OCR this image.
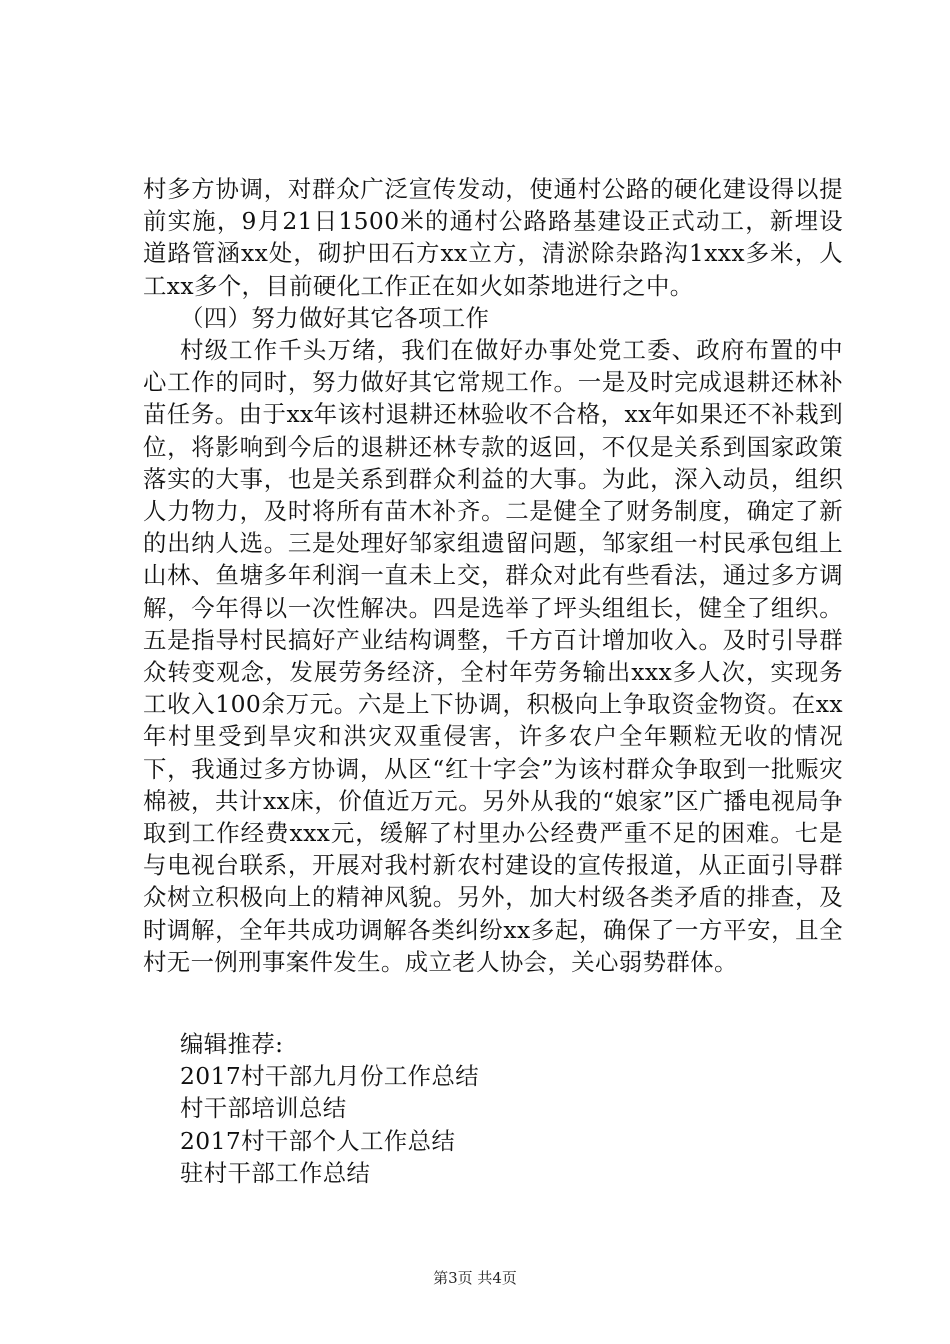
村多方协调，对群众广泛宣传发动，使通村公路的硬化建设得以提前实施，9月21日1500米的通村公路路基建设正式动工，新埋设道路管涵xx处，砌护田石方xx立方，清淤除杂路沟1xxx多米，人工xx多个，目前硬化工作正在如火如荼地进行之中。

（四）努力做好其它各项工作

村级工作千头万绪，我们在做好办事处党工委、政府布置的中心工作的同时，努力做好其它常规工作。一是及时完成退耕还林补苗任务。由于xx年该村退耕还林验收不合格，xx年如果还不补栽到位，将影响到今后的退耕还林专款的返回，不仅是关系到国家政策落实的大事，也是关系到群众利益的大事。为此，深入动员，组织人力物力，及时将所有苗木补齐。二是健全了财务制度，确定了新的出纳人选。三是处理好邹家组遗留问题，邹家组一村民承包组上山林、鱼塘多年利润一直未上交，群众对此有些看法，通过多方调解，今年得以一次性解决。四是选举了坪头组组长，健全了组织。五是指导村民搞好产业结构调整，千方百计增加收入。及时引导群众转变观念，发展劳务经济，全村年劳务输出xxx多人次，实现务工收入100余万元。六是上下协调，积极向上争取资金物资。在xx年村里受到旱灾和洪灾双重侵害，许多农户全年颗粒无收的情况下，我通过多方协调，从区“红十字会”为该村群众争取到一批赈灾棉被，共计xx床，价值近万元。另外从我的“娘家”区广播电视局争取到工作经费xxx元，缓解了村里办公经费严重不足的困难。七是与电视台联系，开展对我村新农村建设的宣传报道，从正面引导群众树立积极向上的精神风貌。另外，加大村级各类矛盾的排查，及时调解，全年共成功调解各类纠纷xx多起，确保了一方平安，且全村无一例刑事案件发生。成立老人协会，关心弱势群体。

编辑推荐:
2017村干部九月份工作总结
村干部培训总结
2017村干部个人工作总结
驻村干部工作总结
第3页 共4页
